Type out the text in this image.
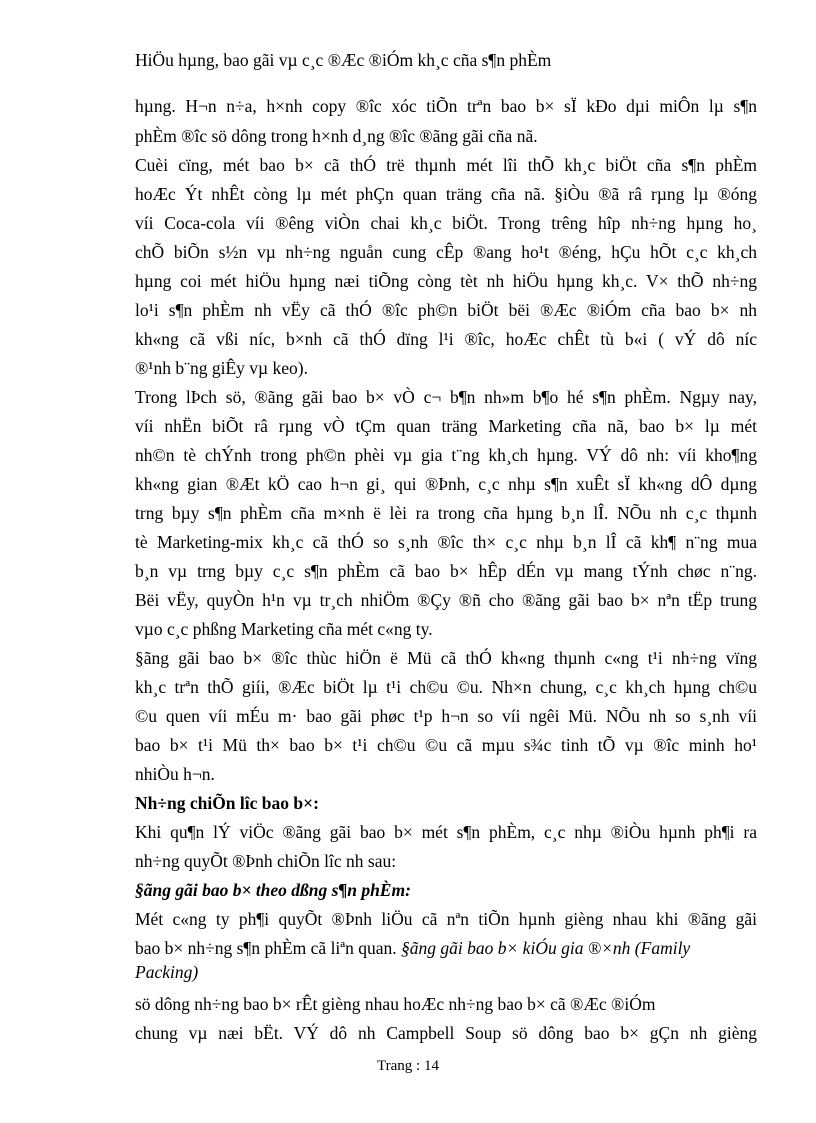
HiÖu hµng, bao gãi vµ c¸c ®Æc ®iÓm kh¸c cña s¶n phÈm
hµng. H¬n n÷a, h×nh copy ®îc xóc tiÕn trªn bao b× sÏ kÐo dµi miÔn lµ s¶n
phÈm ®îc sö dông trong h×nh d¸ng ®îc ®ãng gãi cña nã.
Cuèi cïng, mét bao b× cã thÓ trë thµnh mét lîi thÕ kh¸c biÖt cña s¶n phÈm
hoÆc Ýt nhÊt còng lµ mét phÇn quan träng cña nã. §iÒu ®ã râ rµng lµ ®óng
víi Coca-cola víi ®êng viÒn chai kh¸c biÖt. Trong trêng hîp nh÷ng hµng ho¸
chÕ biÕn s½n vµ nh÷ng nguån cung cÊp ®ang ho¹t ®éng, hÇu hÕt c¸c kh¸ch
hµng coi mét hiÖu hµng næi tiÕng còng tèt nh hiÖu hµng kh¸c. V× thÕ nh÷ng
lo¹i s¶n phÈm nh vËy cã thÓ ®îc ph©n biÖt bëi ®Æc ®iÓm cña bao b× nh
kh«ng cã vßi níc, b×nh cã thÓ dïng l¹i ®îc, hoÆc chÊt tù b«i ( vÝ dô níc
®¹nh b¨ng giÊy vµ keo).
Trong lÞch sö, ®ãng gãi bao b× vÒ c¬ b¶n nh»m b¶o hé s¶n phÈm. Ngµy nay,
víi nhËn biÕt râ rµng vÒ tÇm quan träng Marketing cña nã, bao b× lµ mét
nh©n tè chÝnh trong ph©n phèi vµ gia t¨ng kh¸ch hµng. VÝ dô nh: víi kho¶ng
kh«ng gian ®Æt kÖ cao h¬n gi¸ qui ®Þnh, c¸c nhµ s¶n xuÊt sÏ kh«ng dÔ dµng
trng bµy s¶n phÈm cña m×nh ë lèi ra trong cña hµng b¸n lÎ. NÕu nh c¸c thµnh
tè Marketing-mix kh¸c cã thÓ so s¸nh ®îc th× c¸c nhµ b¸n lÎ cã kh¶ n¨ng mua
b¸n vµ trng bµy c¸c s¶n phÈm cã bao b× hÊp dÉn vµ mang tÝnh chøc n¨ng.
Bëi vËy, quyÒn h¹n vµ tr¸ch nhiÖm ®Çy ®ñ cho ®ãng gãi bao b× nªn tËp trung
vµo c¸c phßng Marketing cña mét c«ng ty.
§ãng gãi bao b× ®îc thùc hiÖn ë Mü cã thÓ kh«ng thµnh c«ng t¹i nh÷ng vïng
kh¸c trªn thÕ giíi, ®Æc biÖt lµ t¹i ch©u ©u. Nh×n chung, c¸c kh¸ch hµng ch©u
©u quen víi mÉu m· bao gãi phøc t¹p h¬n so víi ngêi Mü. NÕu nh so s¸nh víi
bao b× t¹i Mü th× bao b× t¹i ch©u ©u cã mµu s¾c tinh tÕ vµ ®îc minh ho¹
nhiÒu h¬n.
Nh÷ng chiÕn lîc bao b×:
Khi qu¶n lÝ viÖc ®ãng gãi bao b× mét s¶n phÈm, c¸c nhµ ®iÒu hµnh ph¶i ra
nh÷ng quyÕt ®Þnh chiÕn lîc nh sau:
§ãng gãi bao b× theo dßng s¶n phÈm:
Mét c«ng ty ph¶i quyÕt ®Þnh liÖu cã nªn tiÕn hµnh gièng nhau khi ®ãng gãi
bao b× nh÷ng s¶n phÈm cã liªn quan. §ãng gãi bao b× kiÓu gia ®×nh (Family
Packing)
sö dông nh÷ng bao b× rÊt gièng nhau hoÆc nh÷ng bao b× cã ®Æc ®iÓm
chung vµ næi bËt. VÝ dô nh Campbell Soup sö dông bao b× gÇn nh gièng
Trang : 14
